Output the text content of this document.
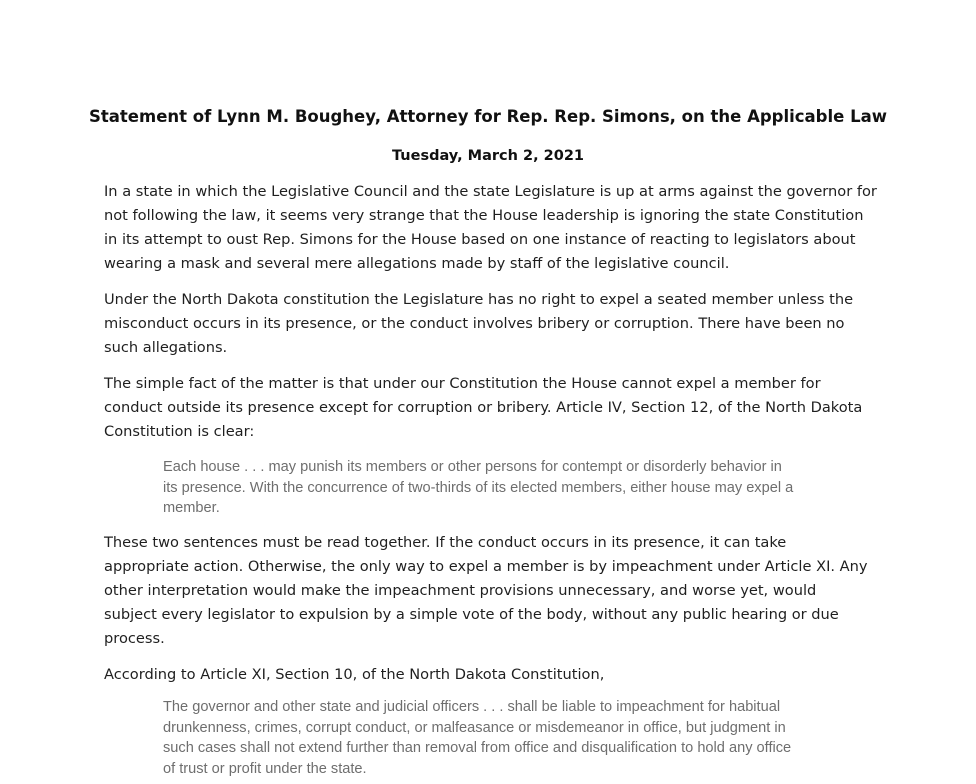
Statement of Lynn M. Boughey, Attorney for Rep. Rep. Simons, on the Applicable Law
Tuesday, March 2, 2021
In a state in which the Legislative Council and the state Legislature is up at arms against the governor for
not following the law, it seems very strange that the House leadership is ignoring the state Constitution
in its attempt to oust Rep. Simons for the House based on one instance of reacting to legislators about
wearing a mask and several mere allegations made by staff of the legislative council.
Under the North Dakota constitution the Legislature has no right to expel a seated member unless the
misconduct occurs in its presence, or the conduct involves bribery or corruption. There have been no
such allegations.
The simple fact of the matter is that under our Constitution the House cannot expel a member for
conduct outside its presence except for corruption or bribery. Article IV, Section 12, of the North Dakota
Constitution is clear:
Each house . . . may punish its members or other persons for contempt or disorderly behavior in
its presence. With the concurrence of two-thirds of its elected members, either house may expel a
member.
These two sentences must be read together. If the conduct occurs in its presence, it can take
appropriate action. Otherwise, the only way to expel a member is by impeachment under Article XI. Any
other interpretation would make the impeachment provisions unnecessary, and worse yet, would
subject every legislator to expulsion by a simple vote of the body, without any public hearing or due
process.
According to Article XI, Section 10, of the North Dakota Constitution,
The governor and other state and judicial officers . . . shall be liable to impeachment for habitual
drunkenness, crimes, corrupt conduct, or malfeasance or misdemeanor in office, but judgment in
such cases shall not extend further than removal from office and disqualification to hold any office
of trust or profit under the state.
